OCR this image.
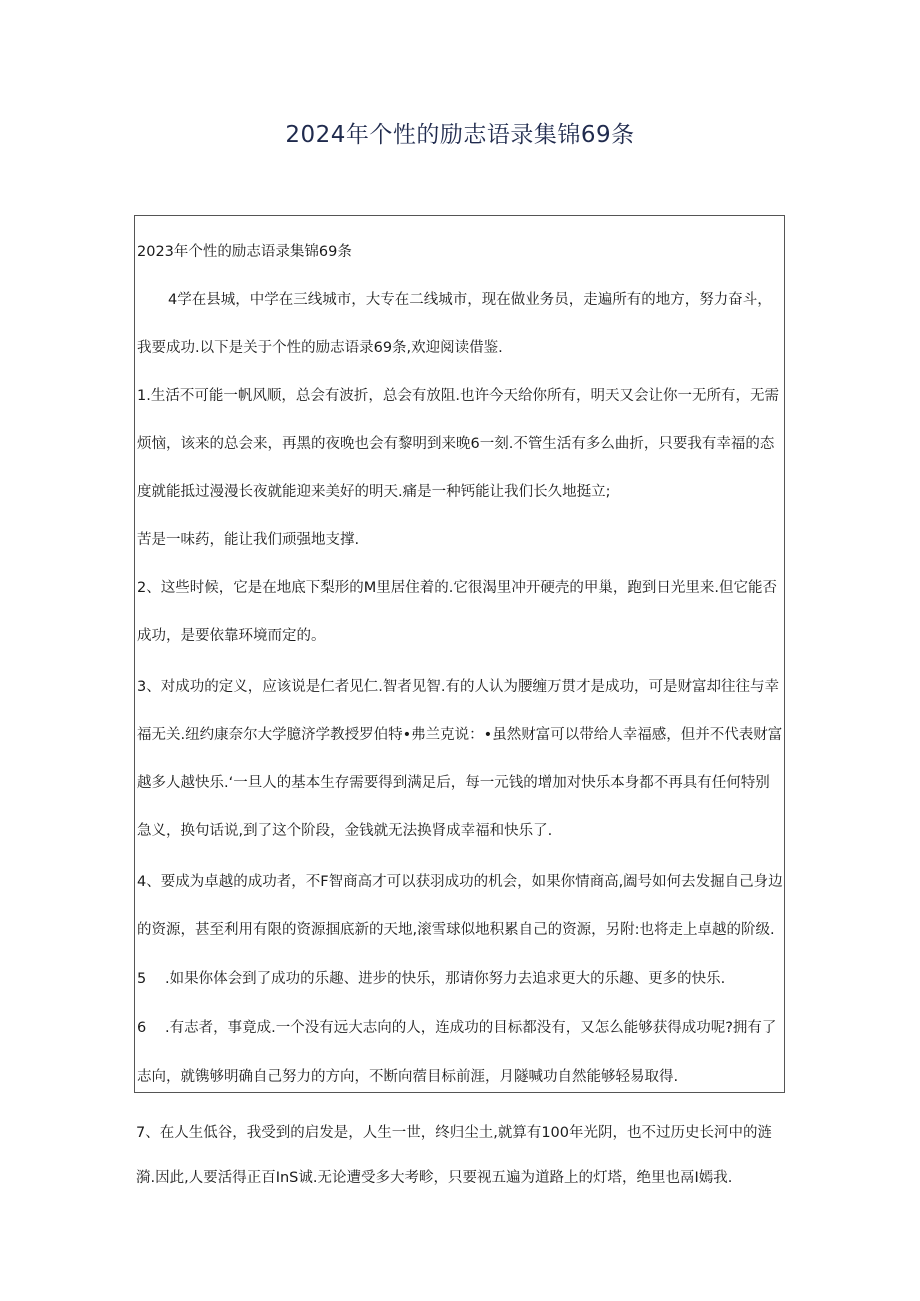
2024年个性的励志语录集锦69条
2023年个性的励志语录集锦69条
4学在县城，中学在三线城市，大专在二线城市，现在做业务员，走遍所有的地方，努力奋斗，
我要成功.以下是关于个性的励志语录69条,欢迎阅读借鉴.
1.生活不可能一帆风顺，总会有波折，总会有放阻.也许今天给你所有，明天又会让你一无所有，无需
烦恼，该来的总会来，再黑的夜晚也会有黎明到来晚6一刻.不管生活有多么曲折，只要我有幸福的态
度就能抵过漫漫长夜就能迎来美好的明天.痛是一种钙能让我们长久地挺立;
苦是一味药，能让我们顽强地支撑.
2、这些时候，它是在地底下梨形的M里居住着的.它很渴里冲开硬壳的甲巢，跑到日光里来.但它能否
成功，是要依靠环境而定的。
3、对成功的定义，应该说是仁者见仁.智者见智.有的人认为腰缠万贯才是成功，可是财富却往往与幸
福无关.纽约康奈尔大学臆济学教授罗伯特•弗兰克说：•虽然财富可以带给人幸福感，但并不代表财富
越多人越快乐.‘一旦人的基本生存需要得到满足后，每一元钱的增加对快乐本身都不再具有任何特别
急义，换句话说,到了这个阶段，金钱就无法换肾成幸福和快乐了.
4、要成为卓越的成功者，不F智商高才可以获羽成功的机会，如果你情商高,阖号如何去发掘自己身边
的资源，甚至利用有限的资源掴底新的天地,滚雪球似地积累自己的资源，另附:也将走上卓越的阶级.
5 .如果你体会到了成功的乐趣、进步的快乐，那请你努力去追求更大的乐趣、更多的快乐.
6 .有志者，事竟成.一个没有远大志向的人，连成功的目标都没有，又怎么能够获得成功呢?拥有了
志向，就镌够明确自己努力的方向，不断向蓿目标前涯，月隧喊功自然能够轻易取得.
7、在人生低谷，我受到的启发是，人生一世，终归尘土,就算有100年光阴，也不过历史长河中的涟
漪.因此,人要活得正百InS诚.无论遭受多大考畛，只要视五遍为道路上的灯塔，绝里也鬲I嫣我.
